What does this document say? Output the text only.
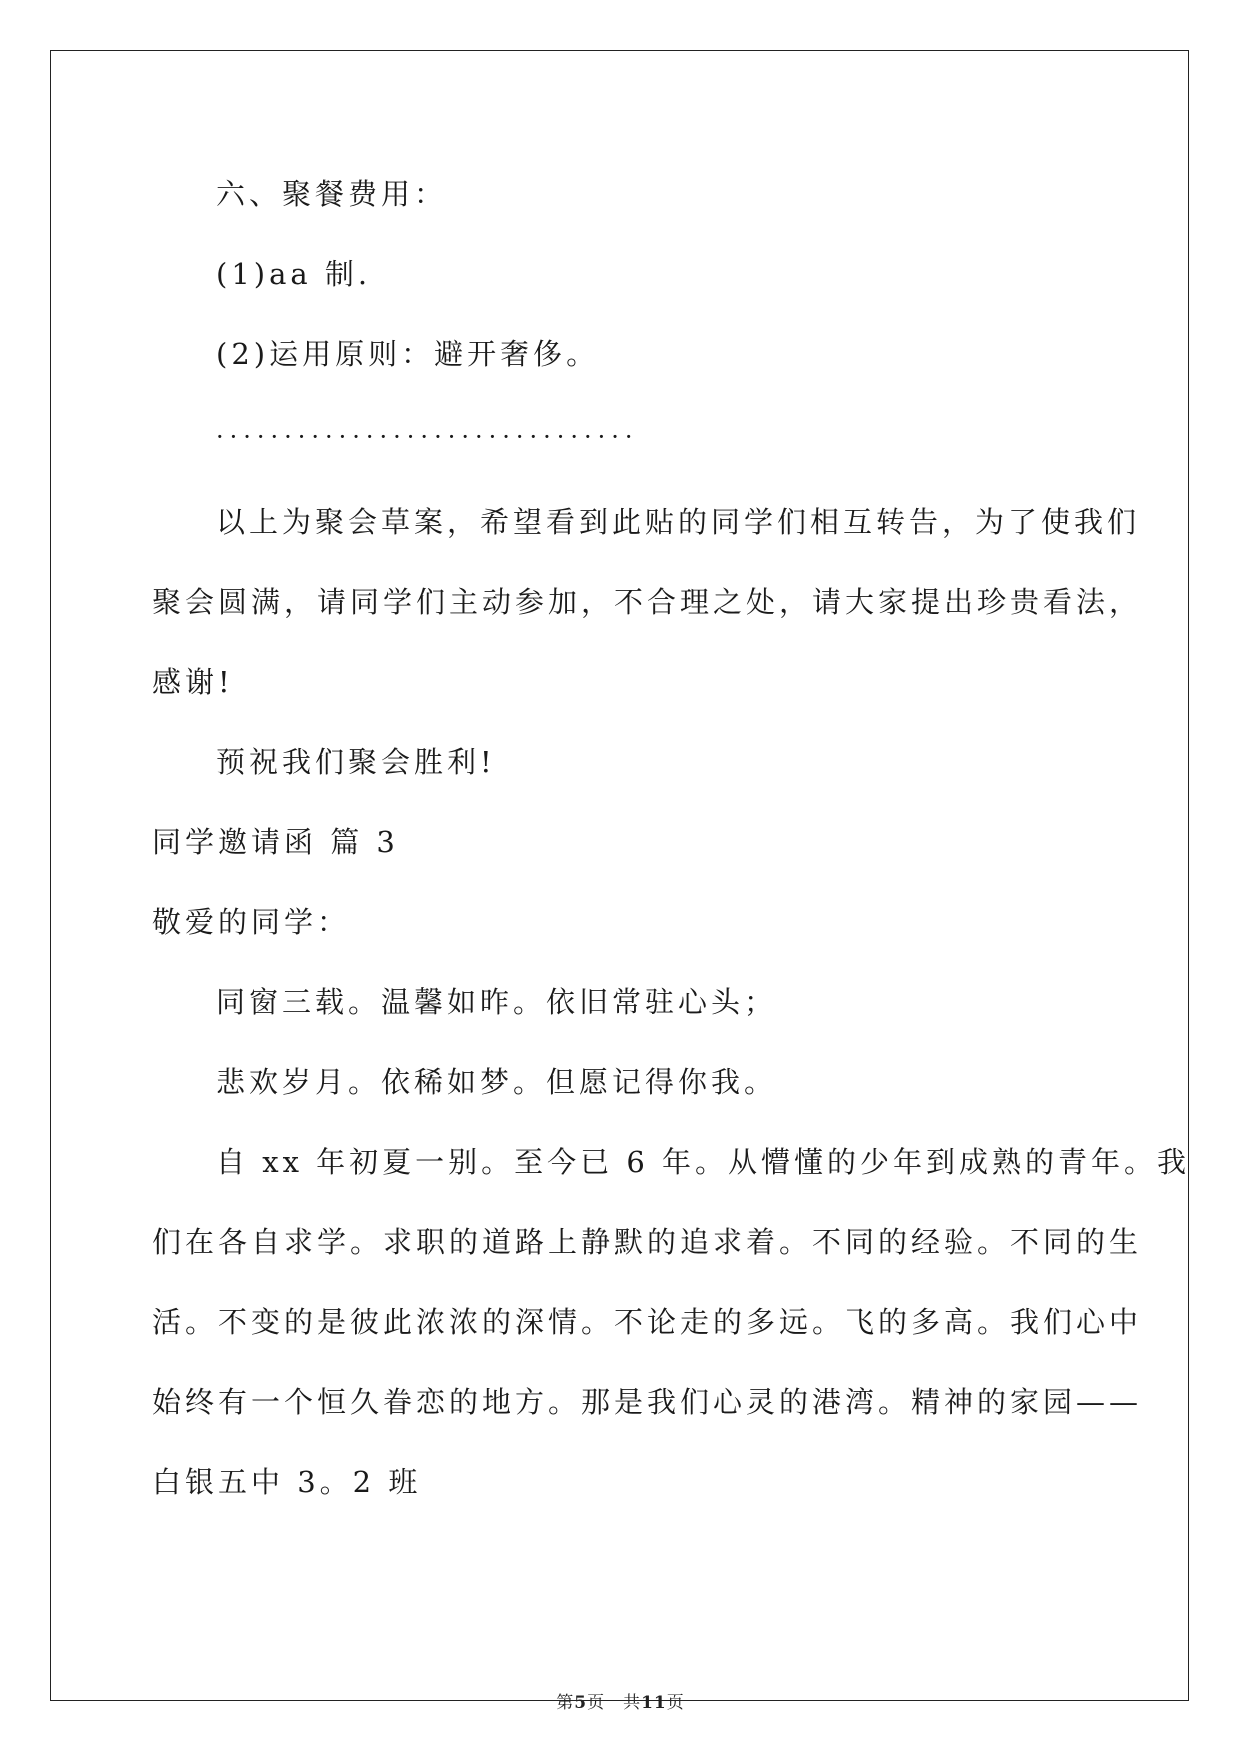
六、聚餐费用：
(1)aa 制.
(2)运用原则：避开奢侈。
·······························
以上为聚会草案，希望看到此贴的同学们相互转告，为了使我们
聚会圆满，请同学们主动参加，不合理之处，请大家提出珍贵看法，
感谢!
预祝我们聚会胜利!
同学邀请函 篇 3
敬爱的同学：
同窗三载。温馨如昨。依旧常驻心头；
悲欢岁月。依稀如梦。但愿记得你我。
自 xx 年初夏一别。至今已 6 年。从懵懂的少年到成熟的青年。我
们在各自求学。求职的道路上静默的追求着。不同的经验。不同的生
活。不变的是彼此浓浓的深情。不论走的多远。飞的多高。我们心中
始终有一个恒久眷恋的地方。那是我们心灵的港湾。精神的家园——
白银五中 3。2 班
第5页　共11页
